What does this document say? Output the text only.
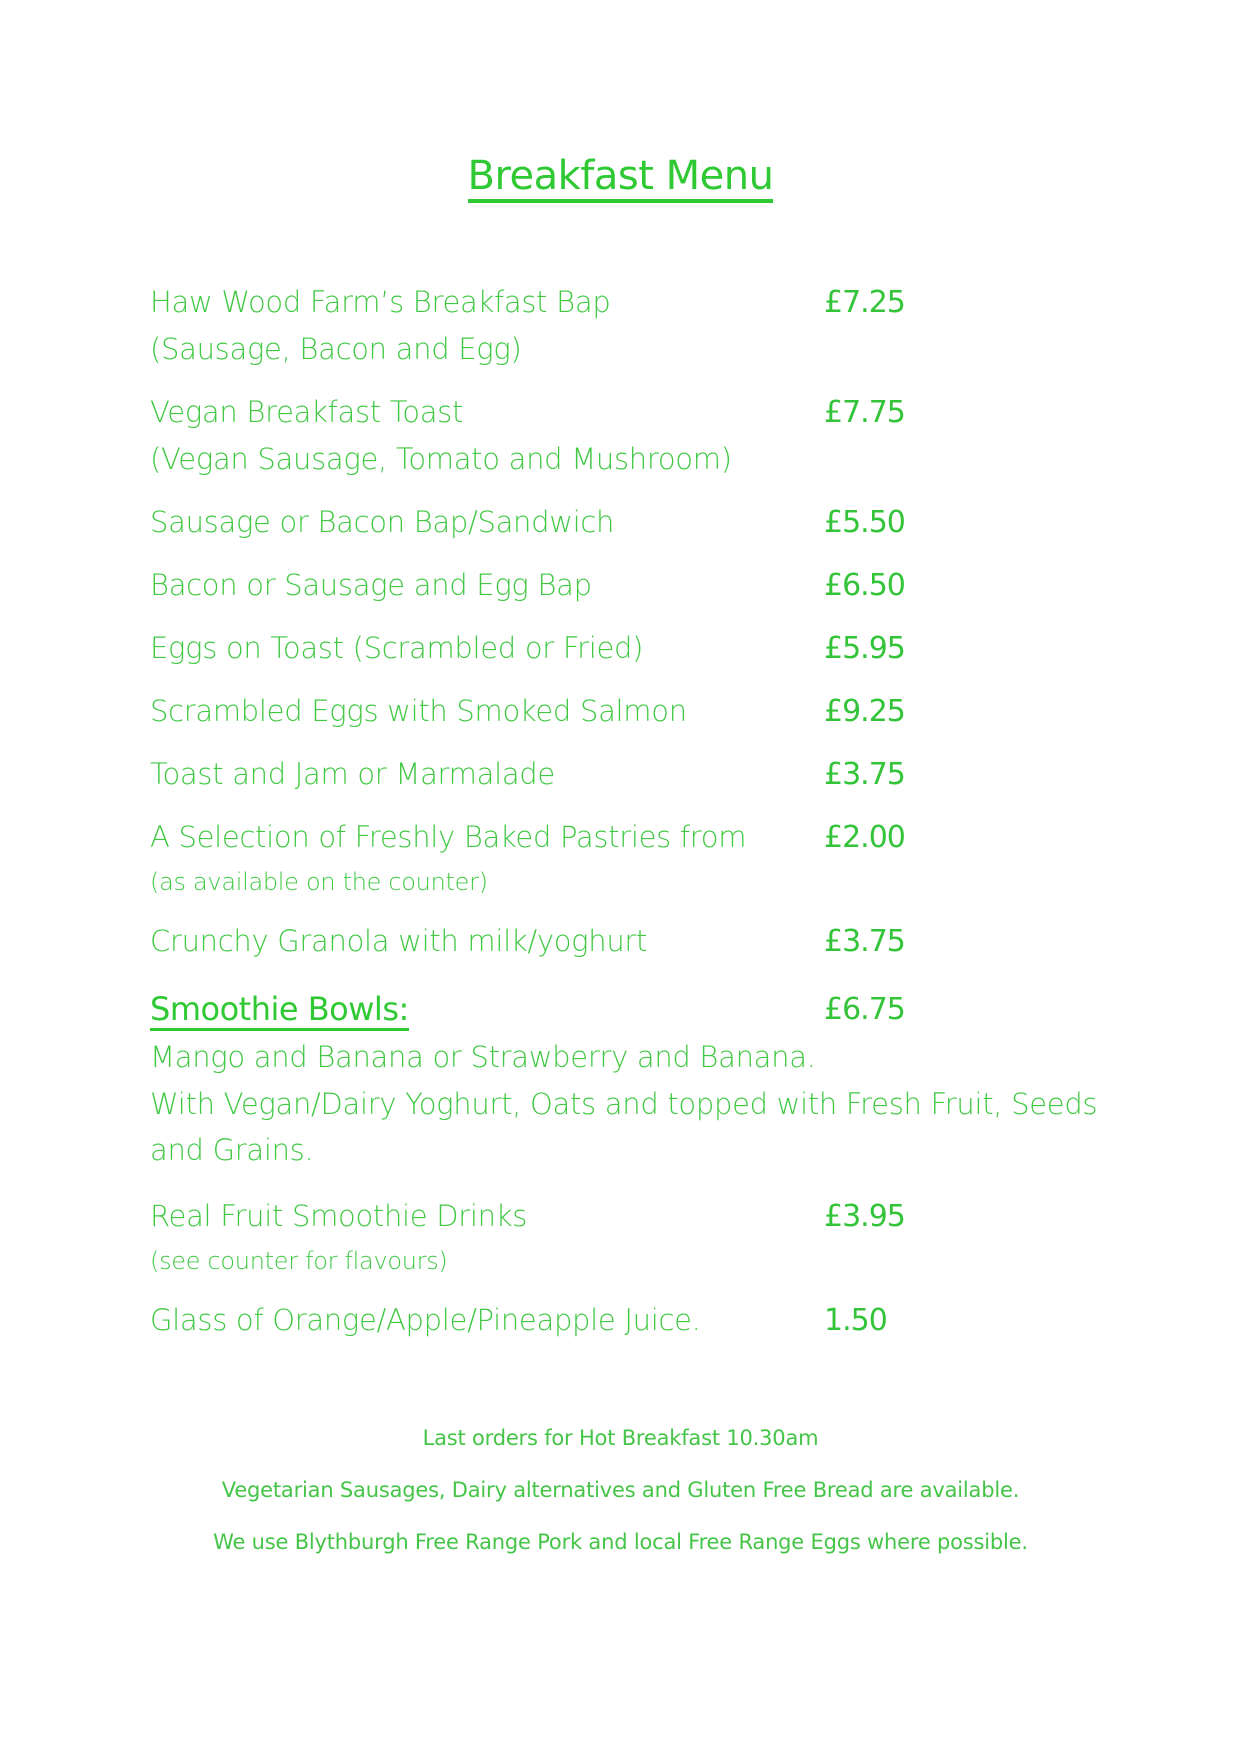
Breakfast Menu
Haw Wood Farm’s Breakfast Bap	£7.25
(Sausage, Bacon and Egg)
Vegan Breakfast Toast	£7.75
(Vegan Sausage, Tomato and Mushroom)
Sausage or Bacon Bap/Sandwich	£5.50
Bacon or Sausage and Egg Bap	£6.50
Eggs on Toast (Scrambled or Fried)	£5.95
Scrambled Eggs with Smoked Salmon	£9.25
Toast and Jam or Marmalade	£3.75
A Selection of Freshly Baked Pastries from	£2.00
(as available on the counter)
Crunchy Granola with milk/yoghurt	£3.75
Smoothie Bowls:	£6.75
Mango and Banana or Strawberry and Banana.
With Vegan/Dairy Yoghurt, Oats and topped with Fresh Fruit, Seeds
and Grains.
Real Fruit Smoothie Drinks	£3.95
(see counter for flavours)
Glass of Orange/Apple/Pineapple Juice.	1.50
Last orders for Hot Breakfast 10.30am
Vegetarian Sausages, Dairy alternatives and Gluten Free Bread are available.
We use Blythburgh Free Range Pork and local Free Range Eggs where possible.
